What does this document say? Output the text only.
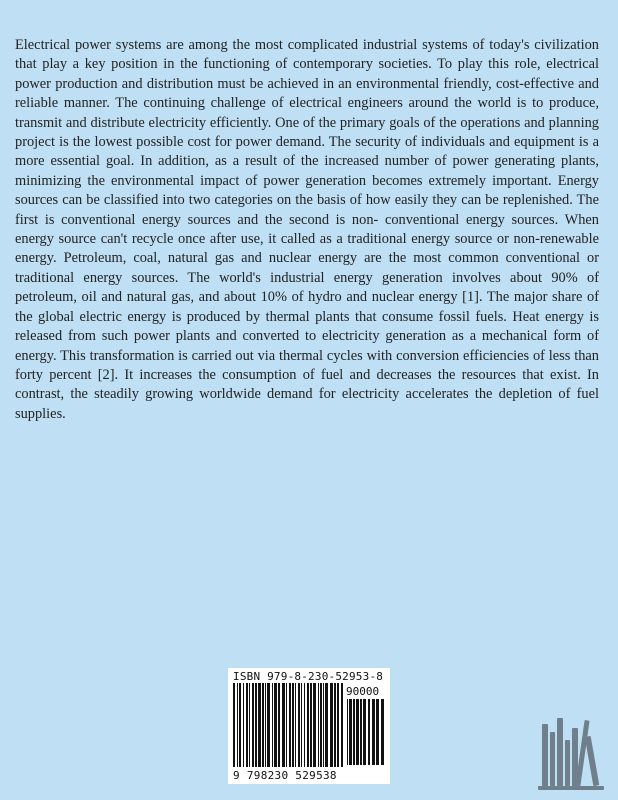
Electrical power systems are among the most complicated industrial systems of today's civilization that play a key position in the functioning of contemporary societies. To play this role, electrical power production and distribution must be achieved in an environmental friendly, cost-effective and reliable manner. The continuing challenge of electrical engineers around the world is to produce, transmit and distribute electricity efficiently. One of the primary goals of the operations and planning project is the lowest possible cost for power demand. The security of individuals and equipment is a more essential goal. In addition, as a result of the increased number of power generating plants, minimizing the environmental impact of power generation becomes extremely important. Energy sources can be classified into two categories on the basis of how easily they can be replenished. The first is conventional energy sources and the second is non- conventional energy sources. When energy source can't recycle once after use, it called as a traditional energy source or non-renewable energy. Petroleum, coal, natural gas and nuclear energy are the most common conventional or traditional energy sources. The world's industrial energy generation involves about 90% of petroleum, oil and natural gas, and about 10% of hydro and nuclear energy [1]. The major share of the global electric energy is produced by thermal plants that consume fossil fuels. Heat energy is released from such power plants and converted to electricity generation as a mechanical form of energy. This transformation is carried out via thermal cycles with conversion efficiencies of less than forty percent [2]. It increases the consumption of fuel and decreases the resources that exist. In contrast, the steadily growing worldwide demand for electricity accelerates the depletion of fuel supplies.

ISBN 979-8-230-52953-8
90000
9 798230 529538
